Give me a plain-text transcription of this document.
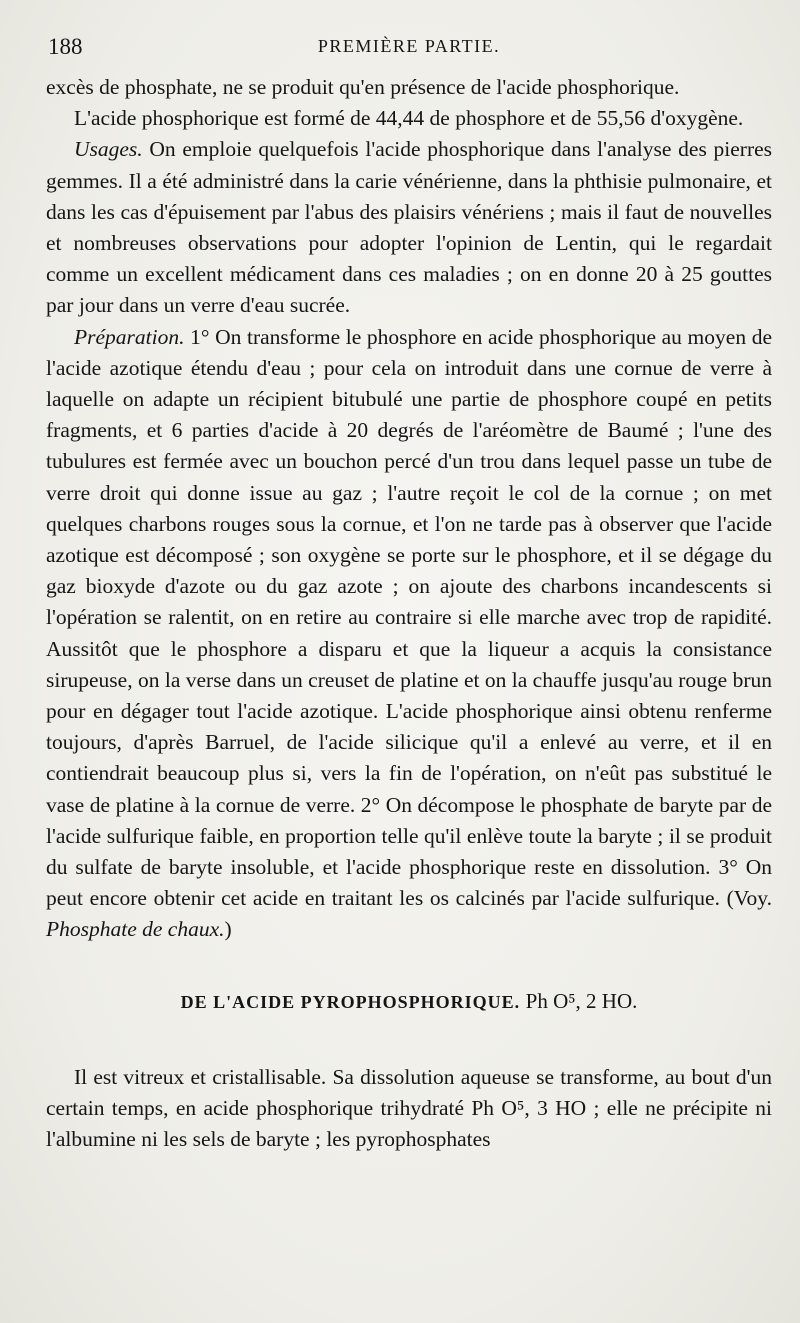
188	PREMIÈRE PARTIE.

excès de phosphate, ne se produit qu'en présence de l'acide phosphorique.

L'acide phosphorique est formé de 44,44 de phosphore et de 55,56 d'oxygène.

Usages. On emploie quelquefois l'acide phosphorique dans l'analyse des pierres gemmes. Il a été administré dans la carie vénérienne, dans la phthisie pulmonaire, et dans les cas d'épuisement par l'abus des plaisirs vénériens ; mais il faut de nouvelles et nombreuses observations pour adopter l'opinion de Lentin, qui le regardait comme un excellent médicament dans ces maladies ; on en donne 20 à 25 gouttes par jour dans un verre d'eau sucrée.

Préparation. 1° On transforme le phosphore en acide phosphorique au moyen de l'acide azotique étendu d'eau ; pour cela on introduit dans une cornue de verre à laquelle on adapte un récipient bitubulé une partie de phosphore coupé en petits fragments, et 6 parties d'acide à 20 degrés de l'aréomètre de Baumé ; l'une des tubulures est fermée avec un bouchon percé d'un trou dans lequel passe un tube de verre droit qui donne issue au gaz ; l'autre reçoit le col de la cornue ; on met quelques charbons rouges sous la cornue, et l'on ne tarde pas à observer que l'acide azotique est décomposé ; son oxygène se porte sur le phosphore, et il se dégage du gaz bioxyde d'azote ou du gaz azote ; on ajoute des charbons incandescents si l'opération se ralentit, on en retire au contraire si elle marche avec trop de rapidité. Aussitôt que le phosphore a disparu et que la liqueur a acquis la consistance sirupeuse, on la verse dans un creuset de platine et on la chauffe jusqu'au rouge brun pour en dégager tout l'acide azotique. L'acide phosphorique ainsi obtenu renferme toujours, d'après Barruel, de l'acide silicique qu'il a enlevé au verre, et il en contiendrait beaucoup plus si, vers la fin de l'opération, on n'eût pas substitué le vase de platine à la cornue de verre. 2° On décompose le phosphate de baryte par de l'acide sulfurique faible, en proportion telle qu'il enlève toute la baryte ; il se produit du sulfate de baryte insoluble, et l'acide phosphorique reste en dissolution. 3° On peut encore obtenir cet acide en traitant les os calcinés par l'acide sulfurique. (Voy. Phosphate de chaux.)

DE L'ACIDE PYROPHOSPHORIQUE. Ph O⁵, 2 HO.

Il est vitreux et cristallisable. Sa dissolution aqueuse se transforme, au bout d'un certain temps, en acide phosphorique trihydraté Ph O⁵, 3 HO ; elle ne précipite ni l'albumine ni les sels de baryte ; les pyrophosphates
